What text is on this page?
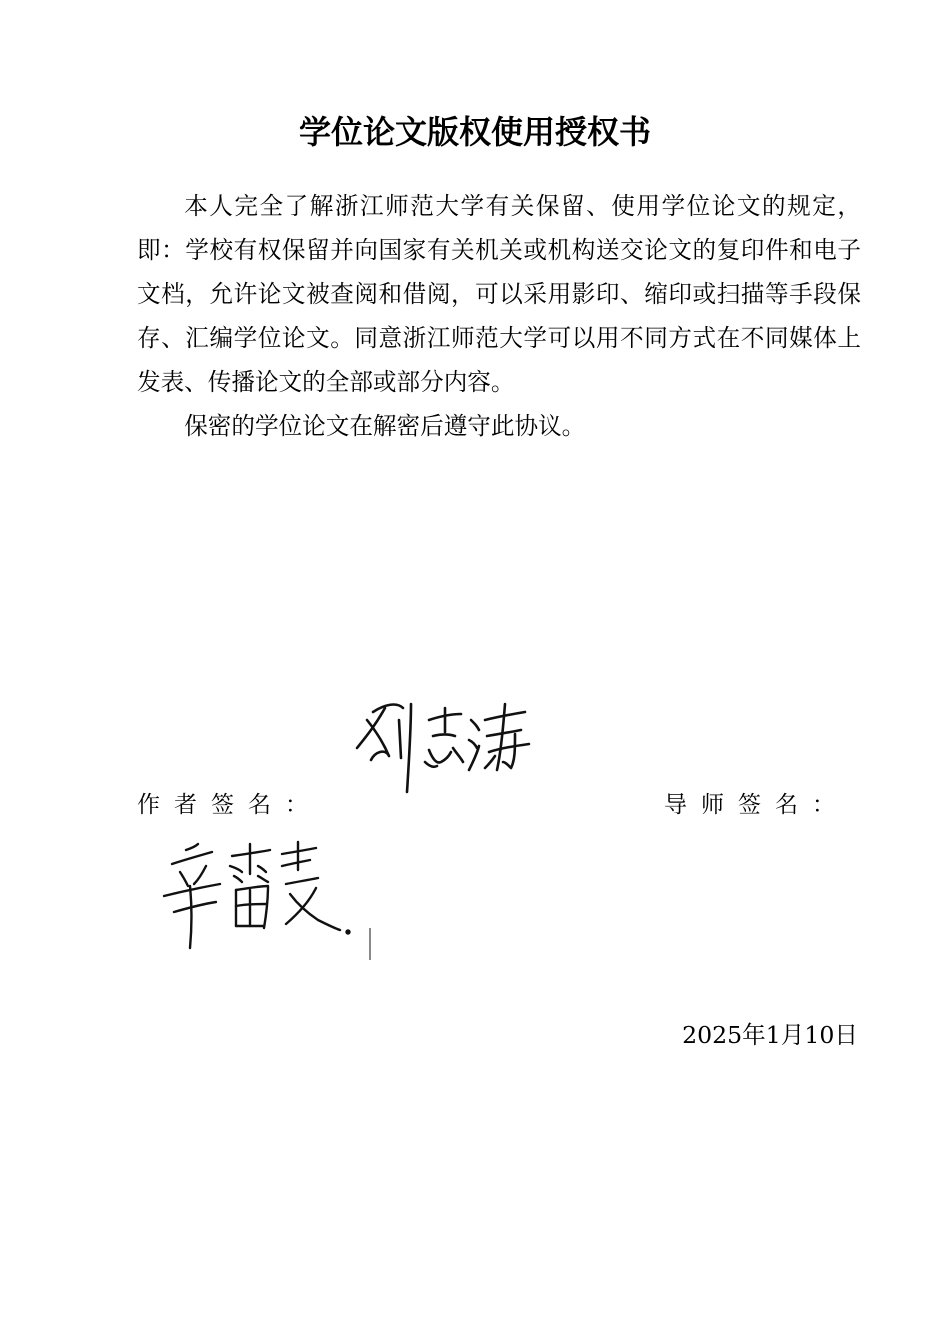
学位论文版权使用授权书

本人完全了解浙江师范大学有关保留、使用学位论文的规定，即：学校有权保留并向国家有关机关或机构送交论文的复印件和电子文档，允许论文被查阅和借阅，可以采用影印、缩印或扫描等手段保存、汇编学位论文。同意浙江师范大学可以用不同方式在不同媒体上发表、传播论文的全部或部分内容。

保密的学位论文在解密后遵守此协议。

作者签名：	导师签名：
2025年1月10日
